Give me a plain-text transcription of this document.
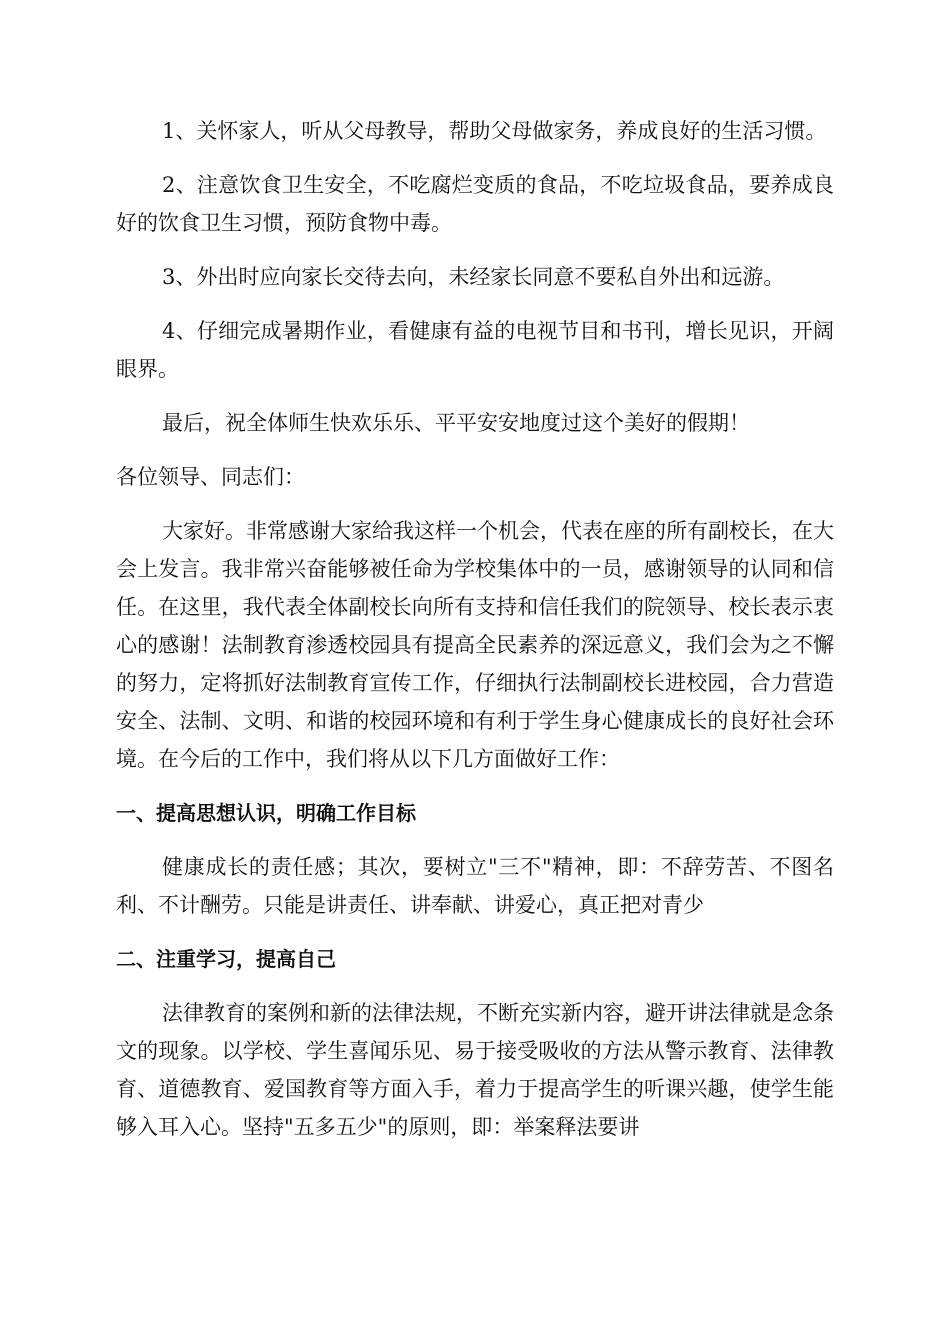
1、关怀家人，听从父母教导，帮助父母做家务，养成良好的生活习惯。

2、注意饮食卫生安全，不吃腐烂变质的食品，不吃垃圾食品，要养成良好的饮食卫生习惯，预防食物中毒。

3、外出时应向家长交待去向，未经家长同意不要私自外出和远游。

4、仔细完成暑期作业，看健康有益的电视节目和书刊，增长见识，开阔眼界。

最后，祝全体师生快欢乐乐、平平安安地度过这个美好的假期！

各位领导、同志们：

大家好。非常感谢大家给我这样一个机会，代表在座的所有副校长，在大会上发言。我非常兴奋能够被任命为学校集体中的一员，感谢领导的认同和信任。在这里，我代表全体副校长向所有支持和信任我们的院领导、校长表示衷心的感谢！法制教育渗透校园具有提高全民素养的深远意义，我们会为之不懈的努力，定将抓好法制教育宣传工作，仔细执行法制副校长进校园，合力营造安全、法制、文明、和谐的校园环境和有利于学生身心健康成长的良好社会环境。在今后的工作中，我们将从以下几方面做好工作：

一、提高思想认识，明确工作目标

健康成长的责任感；其次，要树立"三不"精神，即：不辞劳苦、不图名利、不计酬劳。只能是讲责任、讲奉献、讲爱心，真正把对青少

二、注重学习，提高自己

法律教育的案例和新的法律法规，不断充实新内容，避开讲法律就是念条文的现象。以学校、学生喜闻乐见、易于接受吸收的方法从警示教育、法律教育、道德教育、爱国教育等方面入手，着力于提高学生的听课兴趣，使学生能够入耳入心。坚持"五多五少"的原则，即：举案释法要讲
